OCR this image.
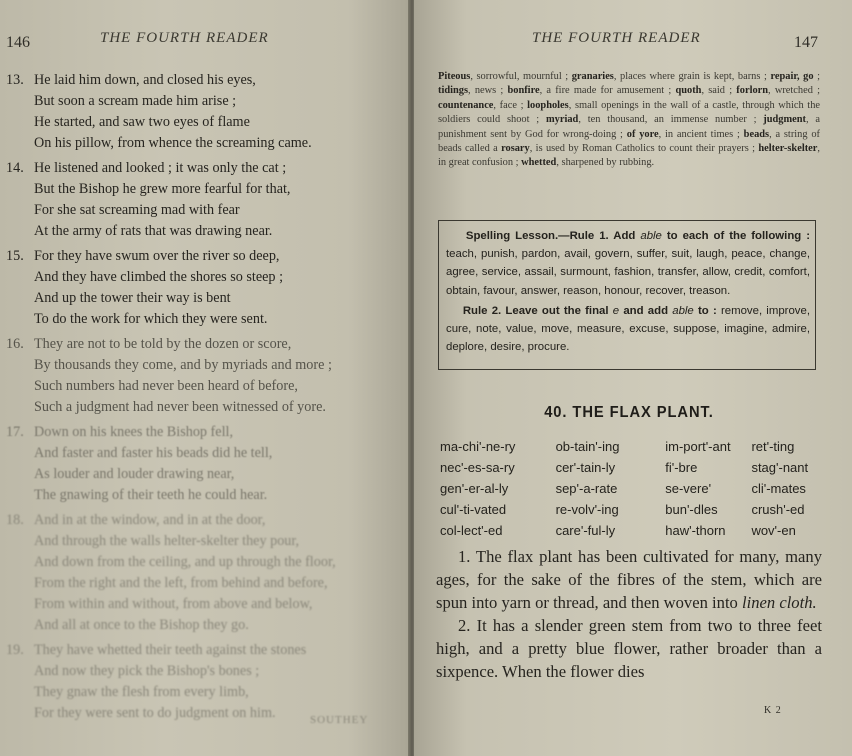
146	THE FOURTH READER
13. He laid him down, and closed his eyes,
But soon a scream made him arise ;
He started, and saw two eyes of flame
On his pillow, from whence the screaming came.
14. He listened and looked ; it was only the cat ;
But the Bishop he grew more fearful for that,
For she sat screaming mad with fear
At the army of rats that was drawing near.
15. For they have swum over the river so deep,
And they have climbed the shores so steep ;
And up the tower their way is bent
To do the work for which they were sent.
16. They are not to be told by the dozen or score,
By thousands they come, and by myriads and more ;
Such numbers had never been heard of before,
Such a judgment had never been witnessed of yore.
17. Down on his knees the Bishop fell,
And faster and faster his beads did he tell,
As louder and louder drawing near,
The gnawing of their teeth he could hear.
18. And in at the window, and in at the door,
And through the walls helter-skelter they pour,
And down from the ceiling, and up through the floor,
From the right and the left, from behind and before,
From within and without, from above and below,
And all at once to the Bishop they go.
19. They have whetted their teeth against the stones
And now they pick the Bishop's bones ;
They gnaw the flesh from every limb,
For they were sent to do judgment on him.	SOUTHEY
THE FOURTH READER	147
Piteous, sorrowful, mournful ; granaries, places where grain is kept, barns ; repair, go ; tidings, news ; bonfire, a fire made for amusement ; quoth, said ; forlorn, wretched ; countenance, face ; loopholes, small openings in the wall of a castle, through which the soldiers could shoot ; myriad, ten thousand, an immense number ; judgment, a punishment sent by God for wrong-doing ; of yore, in ancient times ; beads, a string of beads called a rosary, is used by Roman Catholics to count their prayers ; helter-skelter, in great confusion ; whetted, sharpened by rubbing.
Spelling Lesson.—Rule 1. Add able to each of the following : teach, punish, pardon, avail, govern, suffer, suit, laugh, peace, change, agree, service, assail, surmount, fashion, transfer, allow, credit, comfort, obtain, favour, answer, reason, honour, recover, treason.
Rule 2. Leave out the final e and add able to : remove, improve, cure, note, value, move, measure, excuse, suppose, imagine, admire, deplore, desire, procure.
40. THE FLAX PLANT.
ma-chi'-ne-ry	ob-tain'-ing	im-port'-ant	ret'-ting
nec'-es-sa-ry	cer'-tain-ly	fi'-bre	stag'-nant
gen'-er-al-ly	sep'-a-rate	se-vere'	cli'-mates
cul'-ti-vated	re-volv'-ing	bun'-dles	crush'-ed
col-lect'-ed	care'-ful-ly	haw'-thorn	wov'-en

1. The flax plant has been cultivated for many, many ages, for the sake of the fibres of the stem, which are spun into yarn or thread, and then woven into linen cloth.

2. It has a slender green stem from two to three feet high, and a pretty blue flower, rather broader than a sixpence. When the flower dies

K 2
